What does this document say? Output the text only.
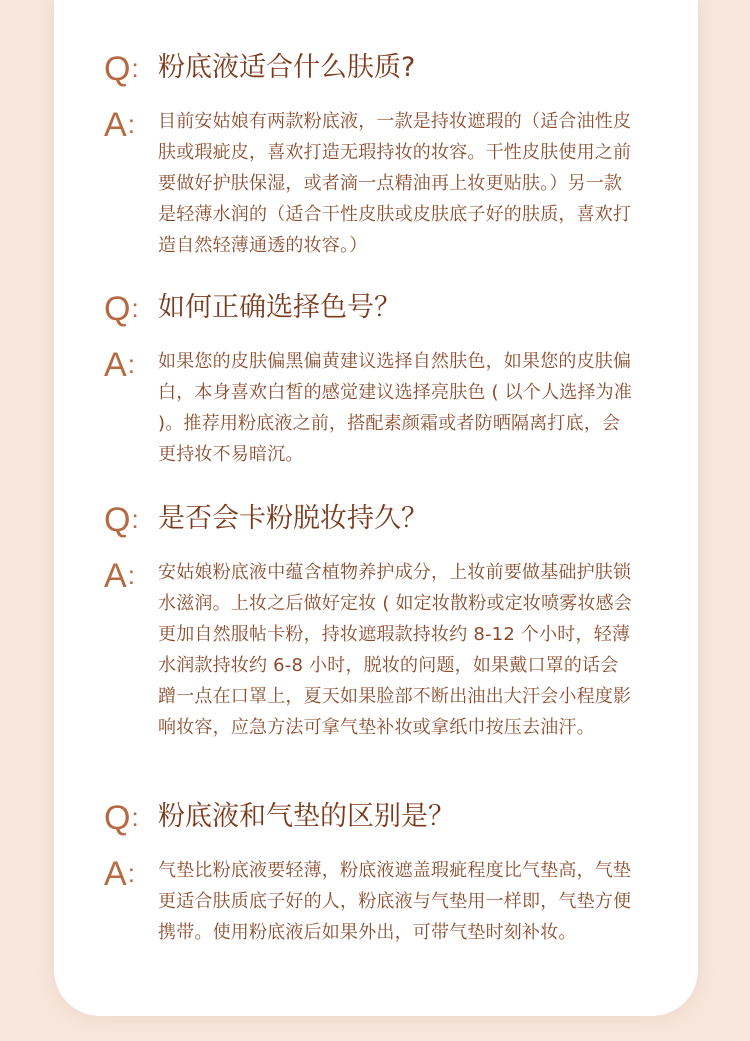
Q: 粉底液适合什么肤质?
A: 目前安姑娘有两款粉底液，一款是持妆遮瑕的（适合油性皮肤或瑕疵皮，喜欢打造无瑕持妆的妆容。干性皮肤使用之前要做好护肤保湿，或者滴一点精油再上妆更贴肤。）另一款是轻薄水润的（适合干性皮肤或皮肤底子好的肤质，喜欢打造自然轻薄通透的妆容。）
Q: 如何正确选择色号？
A: 如果您的皮肤偏黑偏黄建议选择自然肤色，如果您的皮肤偏白，本身喜欢白皙的感觉建议选择亮肤色 ( 以个人选择为准 )。推荐用粉底液之前，搭配素颜霜或者防晒隔离打底，会更持妆不易暗沉。
Q: 是否会卡粉脱妆持久？
A: 安姑娘粉底液中蕴含植物养护成分，上妆前要做基础护肤锁水滋润。上妆之后做好定妆 ( 如定妆散粉或定妆喷雾妆感会更加自然服帖卡粉，持妆遮瑕款持妆约 8-12 个小时，轻薄水润款持妆约 6-8 小时，脱妆的问题，如果戴口罩的话会蹭一点在口罩上，夏天如果脸部不断出油出大汗会小程度影响妆容，应急方法可拿气垫补妆或拿纸巾按压去油汗。
Q: 粉底液和气垫的区别是？
A: 气垫比粉底液要轻薄，粉底液遮盖瑕疵程度比气垫高，气垫更适合肤质底子好的人，粉底液与气垫用一样即，气垫方便携带。使用粉底液后如果外出，可带气垫时刻补妆。
